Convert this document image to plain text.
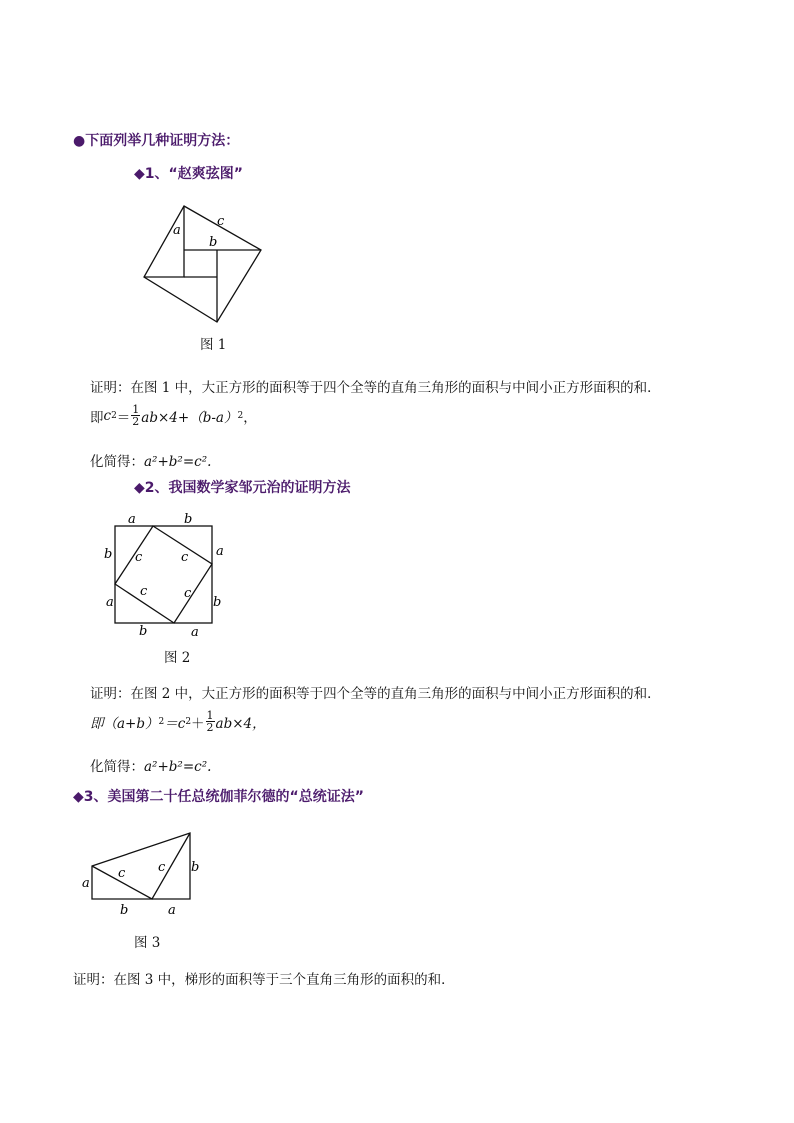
●下面列举几种证明方法：
◆1、“赵爽弦图”
a
c
b
图 1
证明：在图 1 中，大正方形的面积等于四个全等的直角三角形的面积与中间小正方形面积的和．
即 c $2 = \frac{1}{2} ab\times 4+(b-a)$ 2 ，
化简得：a²+b²=c².
◆2、我国数学家邹元治的证明方法
a	b
b	a
a	b
b	a
c	c
c	c
图 2
证明：在图 2 中，大正方形的面积等于四个全等的直角三角形的面积与中间小正方形面积的和．
即（a+b） 2 ＝c $2 + \frac{1}{2} ab\times 4$，
化简得：a²+b²=c².
◆3、美国第二十任总统伽菲尔德的“总统证法”
a
c	c b
b	a
图 3
证明：在图 3 中，梯形的面积等于三个直角三角形的面积的和．
